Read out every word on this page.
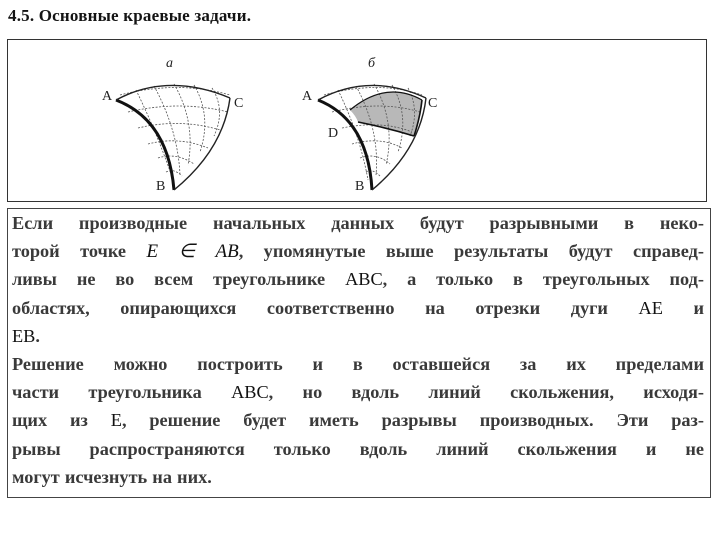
4.5. Основные краевые задачи.
а
A	C
B
б
A	C
D
B
Если производные начальных данных будут разрывными в неко-
торой точке E ∈ AB, упомянутые выше результаты будут справед-
ливы не во всем треугольнике ABC, а только в треугольных под-
областях, опирающихся соответственно на отрезки дуги AE и
EB.
Решение можно построить и в оставшейся за их пределами
части треугольника ABC, но вдоль линий скольжения, исходя-
щих из E, решение будет иметь разрывы производных. Эти раз-
рывы распространяются только вдоль линий скольжения и не
могут исчезнуть на них.
